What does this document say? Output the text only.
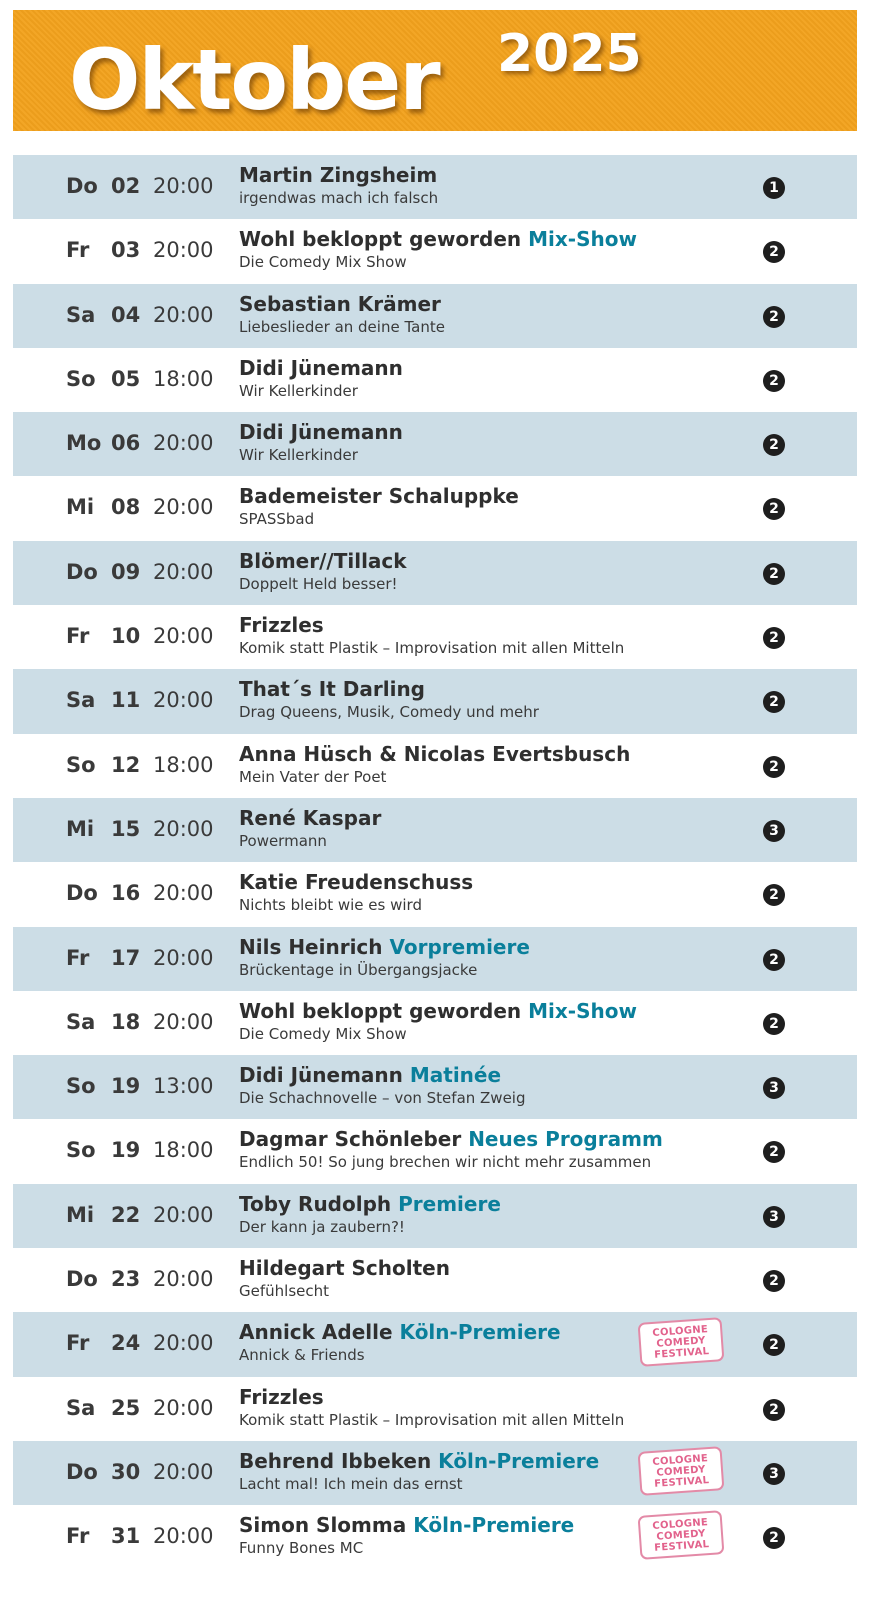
Oktober 2025
Do 02 20:00 Martin Zingsheim
irgendwas mach ich falsch
1
Fr 03 20:00 Wohl bekloppt geworden Mix-Show
Die Comedy Mix Show
2
Sa 04 20:00 Sebastian Krämer
Liebeslieder an deine Tante
2
So 05 18:00 Didi Jünemann
Wir Kellerkinder
2
Mo 06 20:00 Didi Jünemann
Wir Kellerkinder
2
Mi 08 20:00 Bademeister Schaluppke
SPASSbad
2
Do 09 20:00 Blömer//Tillack
Doppelt Held besser!
2
Fr 10 20:00 Frizzles
Komik statt Plastik – Improvisation mit allen Mitteln
2
Sa 11 20:00 That´s It Darling
Drag Queens, Musik, Comedy und mehr
2
So 12 18:00 Anna Hüsch & Nicolas Evertsbusch
Mein Vater der Poet
2
Mi 15 20:00 René Kaspar
Powermann
3
Do 16 20:00 Katie Freudenschuss
Nichts bleibt wie es wird
2
Fr 17 20:00 Nils Heinrich Vorpremiere
Brückentage in Übergangsjacke
2
Sa 18 20:00 Wohl bekloppt geworden Mix-Show
Die Comedy Mix Show
2
So 19 13:00 Didi Jünemann Matinée
Die Schachnovelle – von Stefan Zweig
3
So 19 18:00 Dagmar Schönleber Neues Programm
Endlich 50! So jung brechen wir nicht mehr zusammen
2
Mi 22 20:00 Toby Rudolph Premiere
Der kann ja zaubern?!
3
Do 23 20:00 Hildegart Scholten
Gefühlsecht
2
Fr 24 20:00 Annick Adelle Köln-Premiere
Annick & Friends
COLOGNE
COMEDY
FESTIVAL	2
Sa 25 20:00 Frizzles
Komik statt Plastik – Improvisation mit allen Mitteln
2
Do 30 20:00 Behrend Ibbeken Köln-Premiere
Lacht mal! Ich mein das ernst
COLOGNE
COMEDY
FESTIVAL	3
Fr 31 20:00 Simon Slomma Köln-Premiere
Funny Bones MC
COLOGNE
COMEDY
FESTIVAL	2
